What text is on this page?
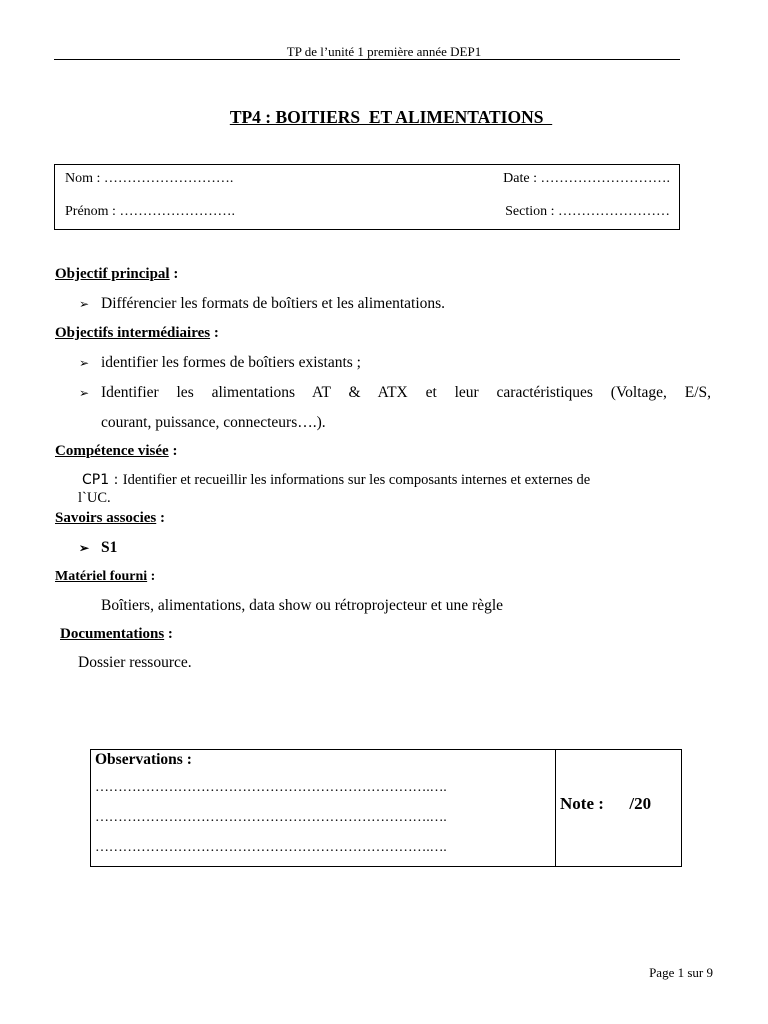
TP de l’unité 1 première année DEP1
TP4 : BOITIERS  ET ALIMENTATIONS
Nom : ……………………….	Date : ……………………….
Prénom : …………………….	Section : ……………………
Objectif principal :
➢ Différencier les formats de boîtiers et les alimentations.
Objectifs intermédiaires :
➢ identifier les formes de boîtiers existants ;
➢ Identifier les alimentations AT & ATX et leur caractéristiques (Voltage, E/S,
courant, puissance, connecteurs….).
Compétence visée :
CP1 : Identifier et recueillir les informations sur les composants internes et externes de
l`UC.
Savoirs associes :
➢ S1
Matériel fourni :
Boîtiers, alimentations, data show ou rétroprojecteur et une règle
Documentations :
Dossier ressource.
Observations :
……………………………………………………………….….
……………………………………………………………….….
……………………………………………………………….….
Note :      /20
Page 1 sur 9
